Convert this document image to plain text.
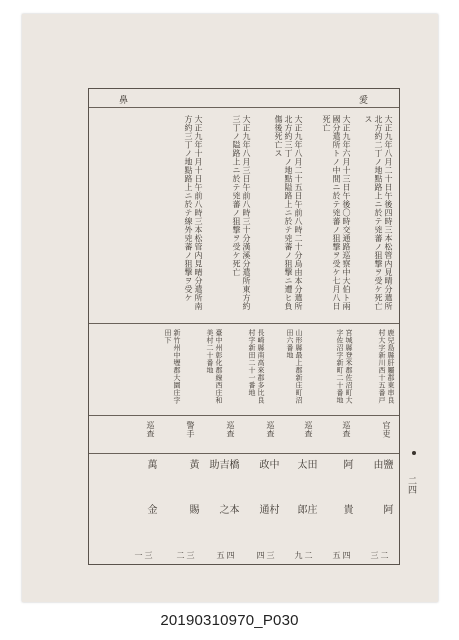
愛
鼻
大正九年八月二十日午後四時三本松管内見晴分遣所北方約二丁ノ地點路上ニ於テ兇蕃ノ狙撃ヲ受ケ死亡ス
大正九年六月十三日午後〇時交通路巡察中大伯ト兩國分遣所トノ中間ニ於テ兇蕃ノ狙撃ヲ受ケ七月八日死亡
大正九年八月二十五日午前八時二十分烏由本分遣所北方約三丁ノ地點隘路上ニ於テ兇蕃ノ狙撃ニ遭ヒ負傷後死亡ス
大正九年八月三日午前八時三十分漢溪分遣所東方約三丁ノ隘路上ニ於テ兇蕃ノ狙撃ヲ受ケ死亡
大正九年十月十日午前八時三本松管内見晴分遣所南方約三丁ノ地點路上ニ於テ線外兇蕃ノ狙撃ヲ受ケ
鹿兒島縣肝屬郡東串良村大字新川西十五番戸
宮城縣登米郡佐沼町大字佐沼字新町二十番地
山形縣最上郡新庄町沼田六番地
長崎縣南高來郡多比良村字新田二十一番地
臺中州彰化郡線西庄和美村二十番地
新竹州中壢郡大園庄字田下
官吏
巡查
巡查
巡查
巡查
警手
巡查
鹽 阿 由
阿 貴
田 庄 太 郎
中 村 政 通
橋 本 吉 之 助
黃 賜
萬 金
二三
四五
二九
三四
四五
三二
三一
二四
20190310970_P030
